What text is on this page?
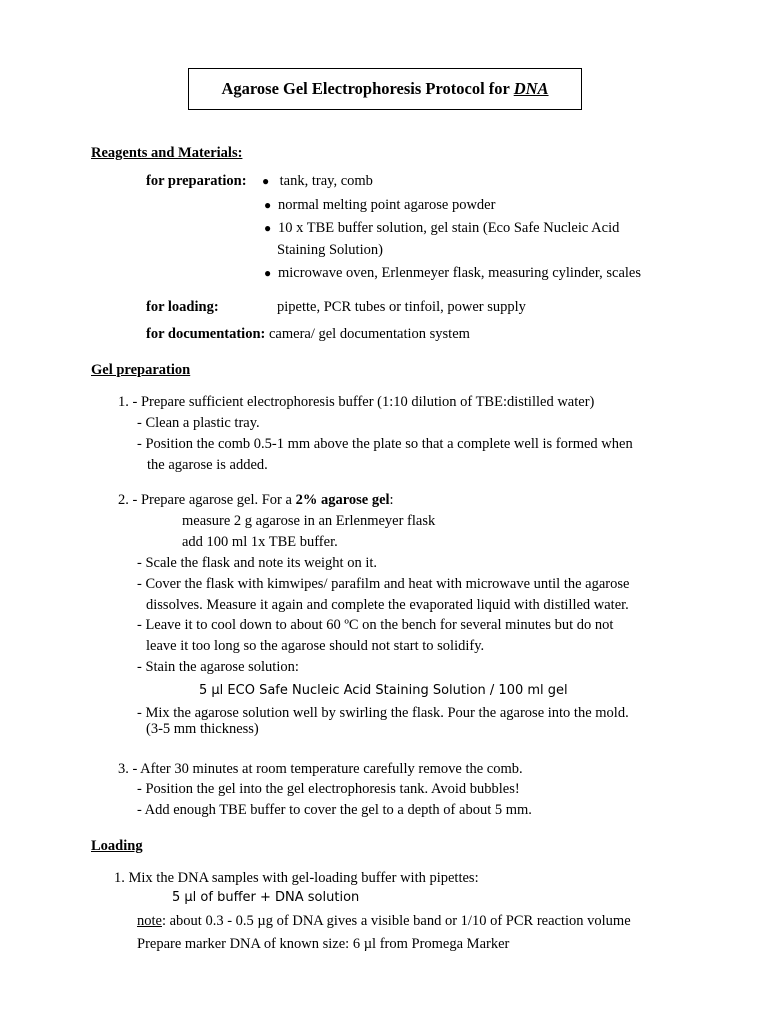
Agarose Gel Electrophoresis Protocol for DNA
Reagents and Materials:
for preparation: ● tank, tray, comb
● normal melting point agarose powder
● 10 x TBE buffer solution, gel stain (Eco Safe Nucleic Acid
Staining Solution)
● microwave oven, Erlenmeyer flask, measuring cylinder, scales
for loading:	pipette, PCR tubes or tinfoil, power supply
for documentation: camera/ gel documentation system
Gel preparation
1. - Prepare sufficient electrophoresis buffer (1:10 dilution of TBE:distilled water)
- Clean a plastic tray.
- Position the comb 0.5-1 mm above the plate so that a complete well is formed when
the agarose is added.
2. - Prepare agarose gel. For a 2% agarose gel:
measure 2 g agarose in an Erlenmeyer flask
add 100 ml 1x TBE buffer.
- Scale the flask and note its weight on it.
- Cover the flask with kimwipes/ parafilm and heat with microwave until the agarose
dissolves. Measure it again and complete the evaporated liquid with distilled water.
- Leave it to cool down to about 60 ºC on the bench for several minutes but do not
leave it too long so the agarose should not start to solidify.
- Stain the agarose solution:
5 µl ECO Safe Nucleic Acid Staining Solution / 100 ml gel
- Mix the agarose solution well by swirling the flask. Pour the agarose into the mold.
(3-5 mm thickness)
3. - After 30 minutes at room temperature carefully remove the comb.
- Position the gel into the gel electrophoresis tank. Avoid bubbles!
- Add enough TBE buffer to cover the gel to a depth of about 5 mm.
Loading
1. Mix the DNA samples with gel-loading buffer with pipettes:
5 µl of buffer + DNA solution
note: about 0.3 - 0.5 µg of DNA gives a visible band or 1/10 of PCR reaction volume
Prepare marker DNA of known size: 6 µl from Promega Marker
